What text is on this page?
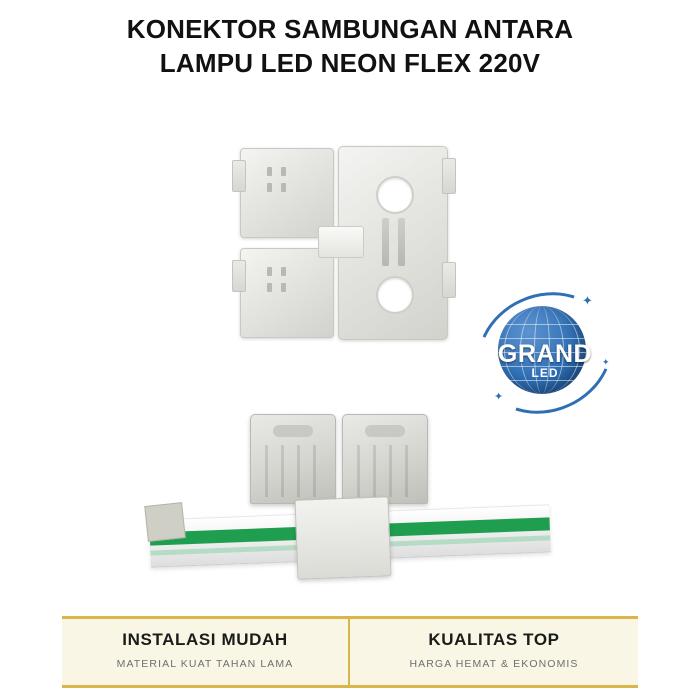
KONEKTOR SAMBUNGAN ANTARA
LAMPU LED NEON FLEX 220V
GRAND
LED
✦
✦
✦
INSTALASI MUDAH
MATERIAL KUAT TAHAN LAMA
KUALITAS TOP
HARGA HEMAT & EKONOMIS
